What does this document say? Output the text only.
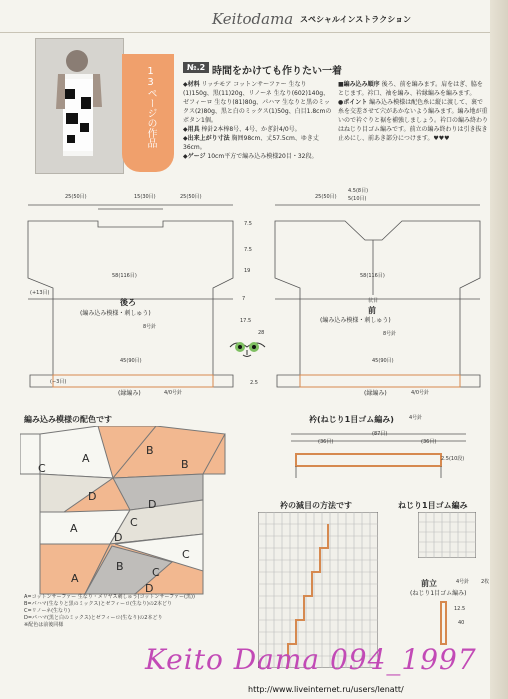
Keitodama スペシャルインストラクション
13ページの作品	№.2 時間をかけても作りたい一着
◆材料 リッチモア コットンサーファー 生なり(1)150g、黒(11)20g、リノーネ 生なり(602)140g、ゼフィーロ 生なり(81)80g、パハマ 生なりと黒のミックス(2)80g、黒と白のミックス(1)50g、白目1.8cmのボタン1個。
◆用具 棒針2本棒8号、4号、かぎ針4/0号。
◆出来上がり寸法 胸囲98cm、丈57.5cm、ゆき丈36cm。
◆ゲージ 10cm平方で編み込み模様20目・32段。
■編み込み順序 後ろ、前を編みます。肩をはぎ、脇をとじます。衿口、袖を編み、衿縁編みを編みます。
●ポイント 編み込み模様は配色糸に縦に渡して、裏で糸を交差させて穴があかないよう編みます。編み地が重いので衿ぐりと裾を補強しましょう。衿口の編み終わりはねじり目ゴム編みです。前立の編み終わりは引き抜き止めにし、前あき部分につけます。♥♥♥
25(50目)	15(30目)	25(50目)
58(116目)
後ろ
(編み込み模様・刺しゅう)
8号針
(+13目)
45(90目)
(−3目)
(縁編み)	4/0号針
7.5
7.5
19
7
17.5
28
2.5
25(50目)
4.5(8目)
5(10目)
58(116目)
状目
前
(編み込み模様・刺しゅう)
8号針
45(90目)
(縁編み)	4/0号針
編み込み模様の配色です
A
B
C	B
D
D
D
C
A
A
D
C
B
C
A=コットンサーファー 生なり・メリヤス刺しゅう(コットンサーファー(黒))
B=パハマ(生なりと黒のミックス)とゼフィーロ(生なり)の2本どり
C=リノーネ(生なり)
D=パハマ(黒と白のミックス)とゼフィーロ(生なり)の2本どり
※配色は前後同様
衿(ねじり1目ゴム編み)	4号針
(87目)
(36目)	(36目)
2.5(10段)
衿の減目の方法です	ねじり1目ゴム編み
前立	4号針 2枚
(ねじり1目ゴム編み)
12.5
40
Keito Dama 094_1997
http://www.liveinternet.ru/users/lenatt/
